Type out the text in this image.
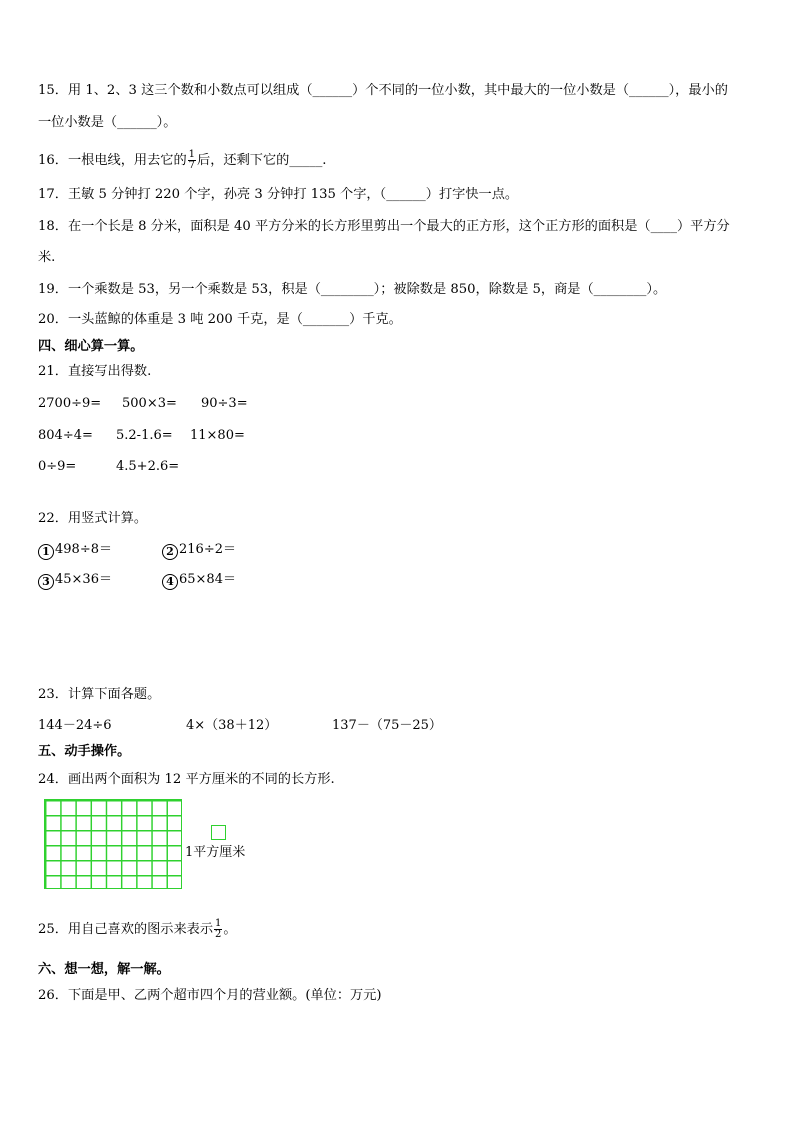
15．用 1、2、3 这三个数和小数点可以组成（______）个不同的一位小数，其中最大的一位小数是（______），最小的
一位小数是（______）。
16．一根电线，用去它的 $\frac{1}{7}$ 后，还剩下它的_____.
17．王敏 5 分钟打 220 个字，孙亮 3 分钟打 135 个字，（______）打字快一点。
18．在一个长是 8 分米，面积是 40 平方分米的长方形里剪出一个最大的正方形，这个正方形的面积是（____）平方分
米.
19．一个乘数是 53，另一个乘数是 53，积是（________）；被除数是 850，除数是 5，商是（________）。
20．一头蓝鲸的体重是 3 吨 200 千克，是（_______）千克。
四、细心算一算。
21．直接写出得数.
2700÷9= 500×3= 90÷3=
804÷4= 5.2-1.6= 11×80=
0÷9=	4.5+2.6=
22．用竖式计算。
1 498÷8＝	2 216÷2＝
3 45×36＝	4 65×84＝
23．计算下面各题。
144－24÷6	4×（38＋12）	137－（75－25）
五、动手操作。
24．画出两个面积为 12 平方厘米的不同的长方形.
1平方厘米
25．用自己喜欢的图示来表示 $\frac{1}{2}$ 。
六、想一想，解一解。
26．下面是甲、乙两个超市四个月的营业额。(单位：万元)
